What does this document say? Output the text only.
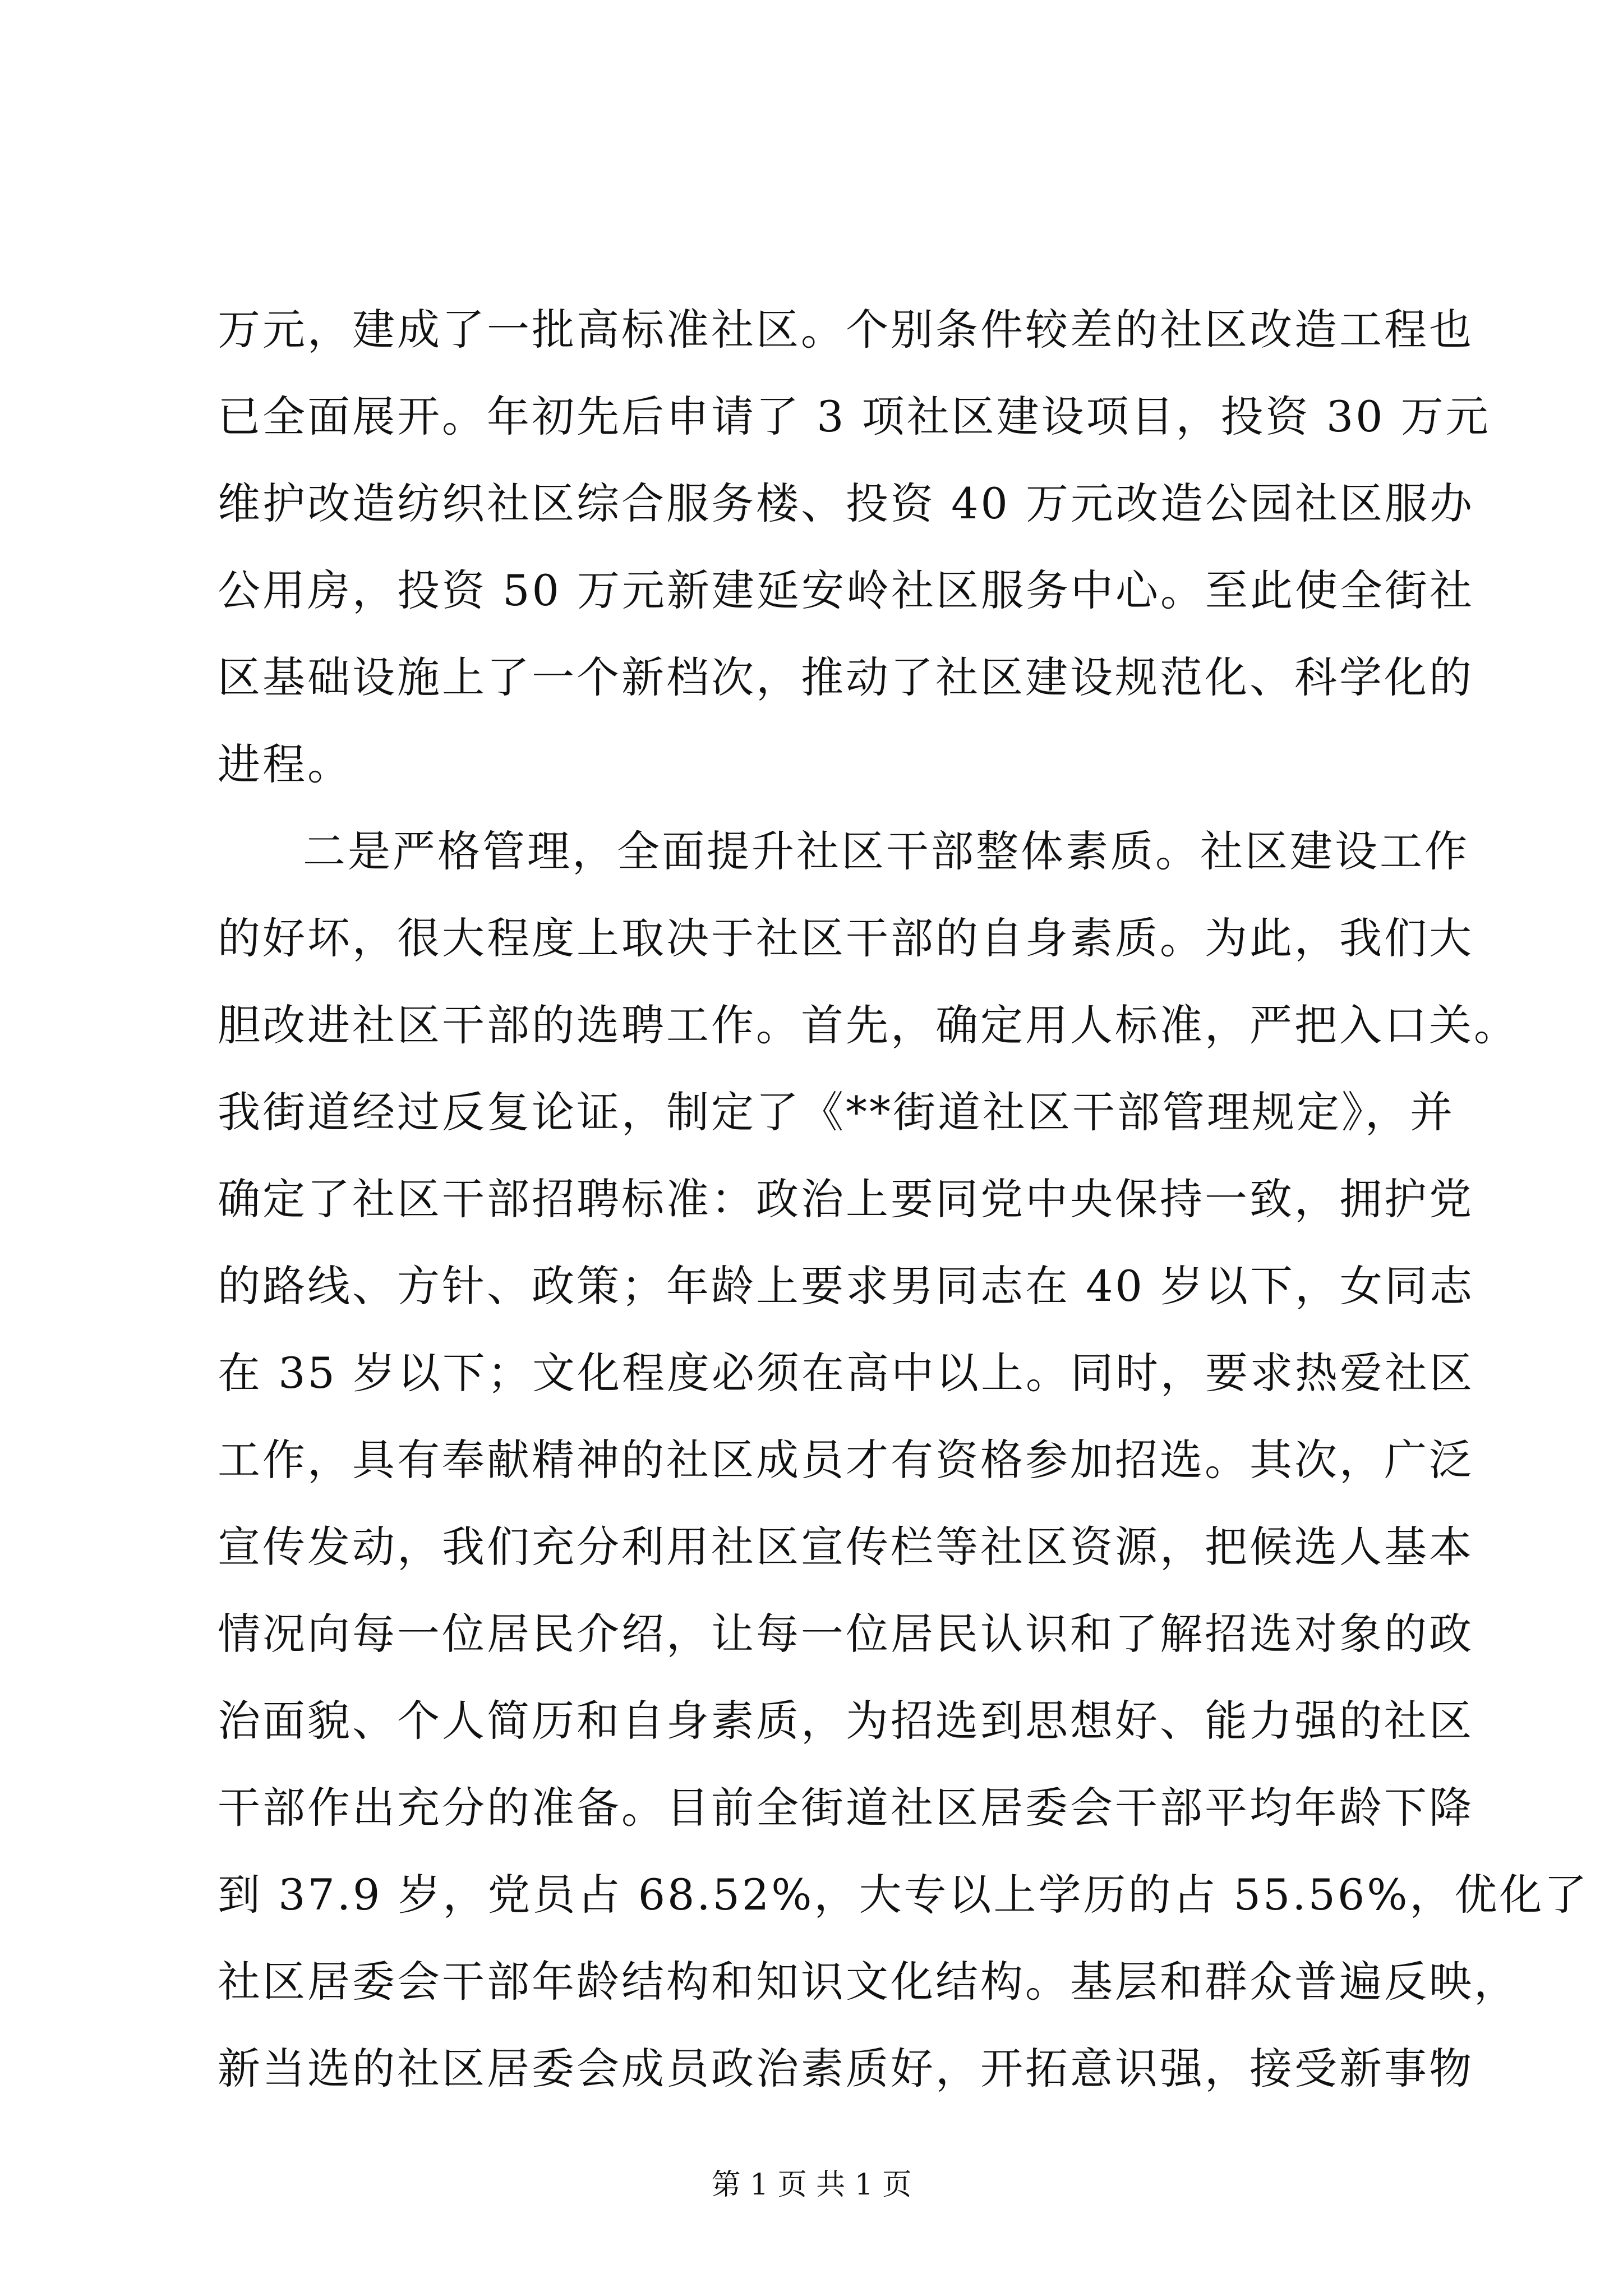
万元，建成了一批高标准社区。个别条件较差的社区改造工程也
已全面展开。年初先后申请了 3 项社区建设项目，投资 30 万元
维护改造纺织社区综合服务楼、投资 40 万元改造公园社区服办
公用房，投资 50 万元新建延安岭社区服务中心。至此使全街社
区基础设施上了一个新档次，推动了社区建设规范化、科学化的
进程。
二是严格管理，全面提升社区干部整体素质。社区建设工作
的好坏，很大程度上取决于社区干部的自身素质。为此，我们大
胆改进社区干部的选聘工作。首先，确定用人标准，严把入口关。
我街道经过反复论证，制定了《**街道社区干部管理规定》，并
确定了社区干部招聘标准：政治上要同党中央保持一致，拥护党
的路线、方针、政策；年龄上要求男同志在 40 岁以下，女同志
在 35 岁以下；文化程度必须在高中以上。同时，要求热爱社区
工作，具有奉献精神的社区成员才有资格参加招选。其次，广泛
宣传发动，我们充分利用社区宣传栏等社区资源，把候选人基本
情况向每一位居民介绍，让每一位居民认识和了解招选对象的政
治面貌、个人简历和自身素质，为招选到思想好、能力强的社区
干部作出充分的准备。目前全街道社区居委会干部平均年龄下降
到 37.9 岁，党员占 68.52%，大专以上学历的占 55.56%，优化了
社区居委会干部年龄结构和知识文化结构。基层和群众普遍反映，
新当选的社区居委会成员政治素质好，开拓意识强，接受新事物
第 1 页 共 1 页
